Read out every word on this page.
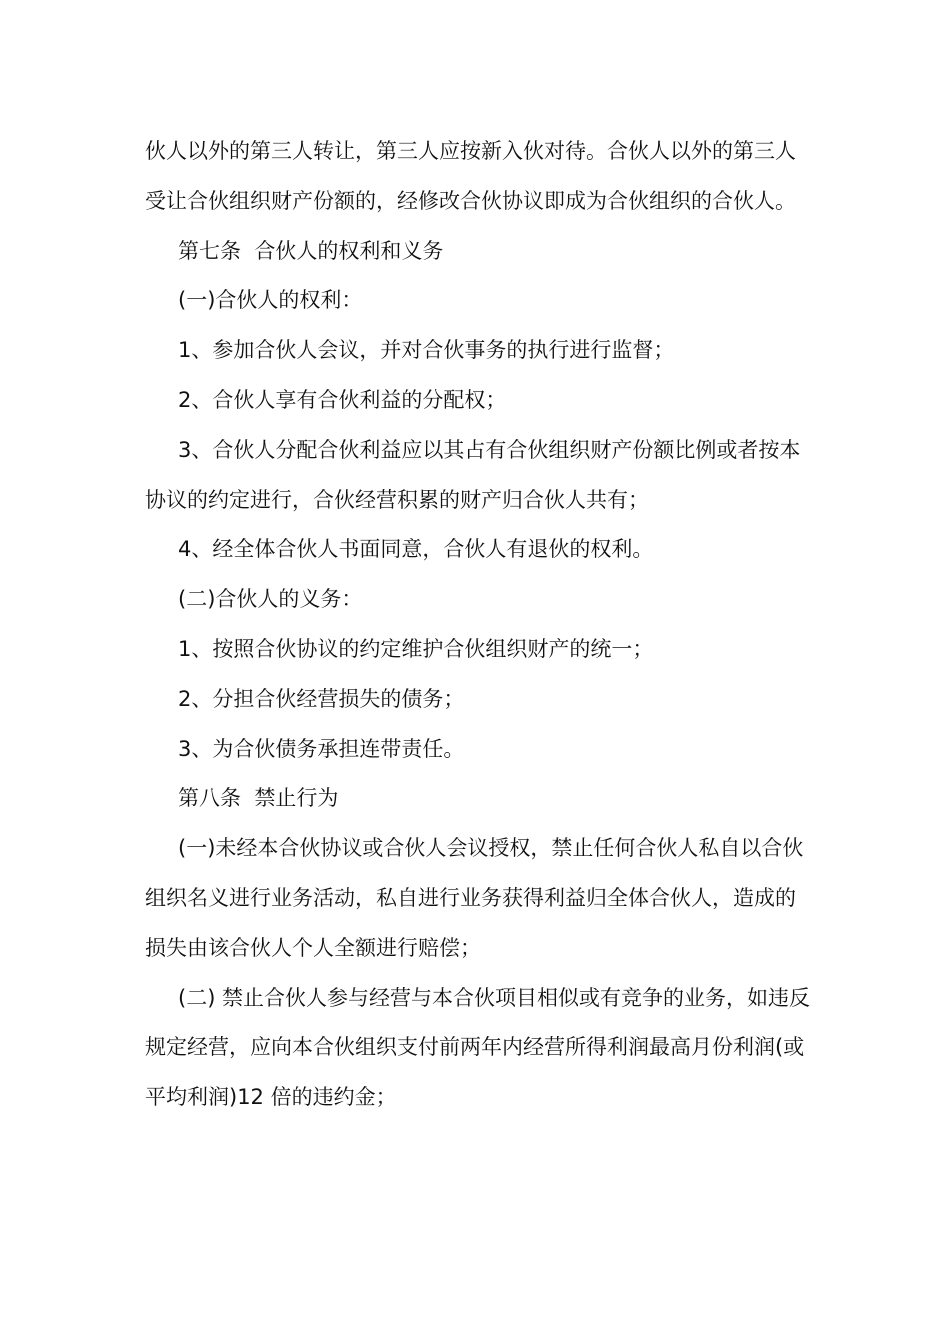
伙人以外的第三人转让，第三人应按新入伙对待。合伙人以外的第三人受让合伙组织财产份额的，经修改合伙协议即成为合伙组织的合伙人。

第七条  合伙人的权利和义务

(一)合伙人的权利：

1、参加合伙人会议，并对合伙事务的执行进行监督；

2、合伙人享有合伙利益的分配权；

3、合伙人分配合伙利益应以其占有合伙组织财产份额比例或者按本协议的约定进行，合伙经营积累的财产归合伙人共有；

4、经全体合伙人书面同意，合伙人有退伙的权利。

(二)合伙人的义务：

1、按照合伙协议的约定维护合伙组织财产的统一；

2、分担合伙经营损失的债务；

3、为合伙债务承担连带责任。

第八条  禁止行为

(一)未经本合伙协议或合伙人会议授权，禁止任何合伙人私自以合伙组织名义进行业务活动，私自进行业务获得利益归全体合伙人，造成的损失由该合伙人个人全额进行赔偿；

(二) 禁止合伙人参与经营与本合伙项目相似或有竞争的业务，如违反规定经营，应向本合伙组织支付前两年内经营所得利润最高月份利润(或平均利润)12 倍的违约金；
